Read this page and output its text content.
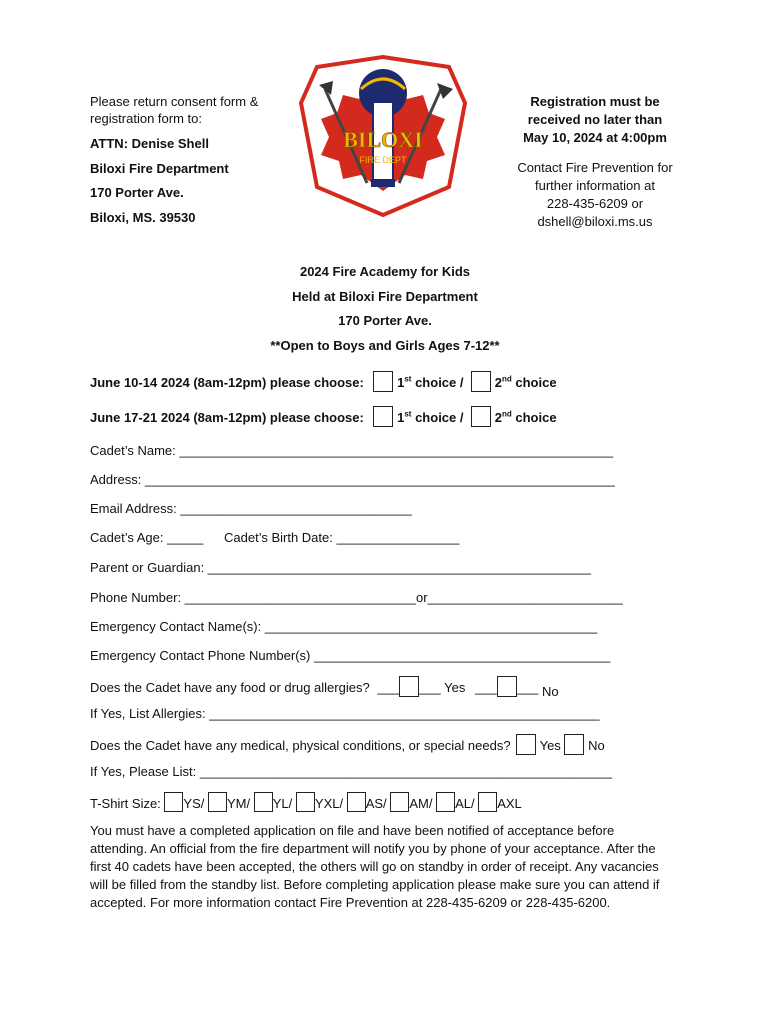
Please return consent form &
registration form to:
ATTN: Denise Shell
Biloxi Fire Department
170 Porter Ave.
Biloxi, MS. 39530
BILOXI
FIRE DEPT
Registration must be
received no later than
May 10, 2024 at 4:00pm
Contact Fire Prevention for
further information at
228-435-6209 or
dshell@biloxi.ms.us
2024 Fire Academy for Kids
Held at Biloxi Fire Department
170 Porter Ave.
**Open to Boys and Girls Ages 7-12**
June 10-14 2024 (8am-12pm) please choose:	1st choice / 2nd choice
June 17-21 2024 (8am-12pm) please choose:	1st choice / 2nd choice
Cadet’s Name: ____________________________________________________________
Address: _________________________________________________________________
Email Address: ________________________________
Cadet’s Age: _____ Cadet’s Birth Date: _________________
Parent or Guardian: _____________________________________________________
Phone Number: ________________________________or___________________________
Emergency Contact Name(s): ______________________________________________
Emergency Contact Phone Number(s) _________________________________________
Does the Cadet have any food or drug allergies? ___ ___ Yes ___ ___ No
If Yes, List Allergies: ______________________________________________________
Does the Cadet have any medical, physical conditions, or special needs? Yes No
If Yes, Please List: _________________________________________________________
T-Shirt Size: YS/ YM/ YL/ YXL/ AS/ AM/ AL/ AXL
You must have a completed application on file and have been notified of acceptance before attending. An official from the fire department will notify you by phone of your acceptance. After the first 40 cadets have been accepted, the others will go on standby in order of receipt. Any vacancies will be filled from the standby list. Before completing application please make sure you can attend if accepted. For more information contact Fire Prevention at 228-435-6209 or 228-435-6200.
